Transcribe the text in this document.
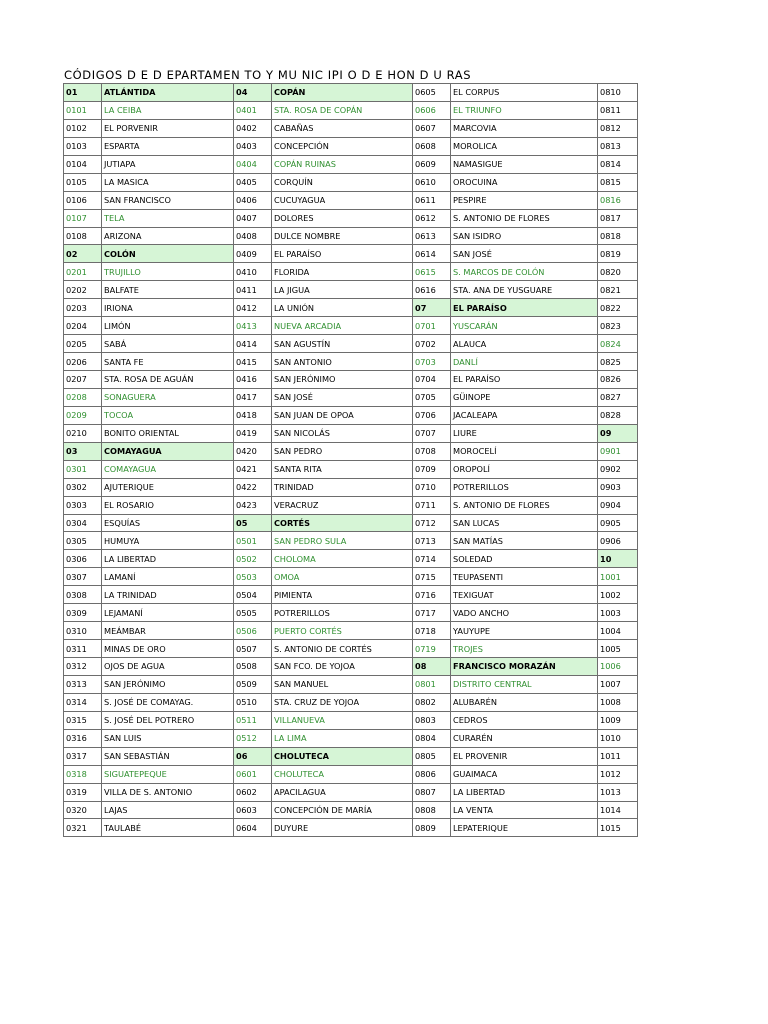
CÓDIGOS D E D EPARTAMEN TO Y MU NIC IPI O D E HON D U RAS
01	ATLÁNTIDA	04	COPÁN	0605	EL CORPUS	0810
0101	LA CEIBA	0401	STA. ROSA DE COPÁN	0606	EL TRIUNFO	0811
0102	EL PORVENIR	0402	CABAÑAS	0607	MARCOVIA	0812
0103	ESPARTA	0403	CONCEPCIÓN	0608	MOROLICA	0813
0104	JUTIAPA	0404	COPÁN RUINAS	0609	NAMASIGUE	0814
0105	LA MASICA	0405	CORQUÍN	0610	OROCUINA	0815
0106	SAN FRANCISCO	0406	CUCUYAGUA	0611	PESPIRE	0816
0107	TELA	0407	DOLORES	0612	S. ANTONIO DE FLORES	0817
0108	ARIZONA	0408	DULCE NOMBRE	0613	SAN ISIDRO	0818
02	COLÓN	0409	EL PARAÍSO	0614	SAN JOSÉ	0819
0201	TRUJILLO	0410	FLORIDA	0615	S. MARCOS DE COLÓN	0820
0202	BALFATE	0411	LA JIGUA	0616	STA. ANA DE YUSGUARE	0821
0203	IRIONA	0412	LA UNIÓN	07	EL PARAÍSO	0822
0204	LIMÓN	0413	NUEVA ARCADIA	0701	YUSCARÁN	0823
0205	SABÁ	0414	SAN AGUSTÍN	0702	ALAUCA	0824
0206	SANTA FE	0415	SAN ANTONIO	0703	DANLÍ	0825
0207	STA. ROSA DE AGUÁN	0416	SAN JERÓNIMO	0704	EL PARAÍSO	0826
0208	SONAGUERA	0417	SAN JOSÉ	0705	GÜINOPE	0827
0209	TOCOA	0418	SAN JUAN DE OPOA	0706	JACALEAPA	0828
0210	BONITO ORIENTAL	0419	SAN NICOLÁS	0707	LIURE	09
03	COMAYAGUA	0420	SAN PEDRO	0708	MOROCELÍ	0901
0301	COMAYAGUA	0421	SANTA RITA	0709	OROPOLÍ	0902
0302	AJUTERIQUE	0422	TRINIDAD	0710	POTRERILLOS	0903
0303	EL ROSARIO	0423	VERACRUZ	0711	S. ANTONIO DE FLORES	0904
0304	ESQUÍAS	05	CORTÉS	0712	SAN LUCAS	0905
0305	HUMUYA	0501	SAN PEDRO SULA	0713	SAN MATÍAS	0906
0306	LA LIBERTAD	0502	CHOLOMA	0714	SOLEDAD	10
0307	LAMANÍ	0503	OMOA	0715	TEUPASENTI	1001
0308	LA TRINIDAD	0504	PIMIENTA	0716	TEXIGUAT	1002
0309	LEJAMANÍ	0505	POTRERILLOS	0717	VADO ANCHO	1003
0310	MEÁMBAR	0506	PUERTO CORTÉS	0718	YAUYUPE	1004
0311	MINAS DE ORO	0507	S. ANTONIO DE CORTÉS	0719	TROJES	1005
0312	OJOS DE AGUA	0508	SAN FCO. DE YOJOA	08	FRANCISCO MORAZÁN	1006
0313	SAN JERÓNIMO	0509	SAN MANUEL	0801	DISTRITO CENTRAL	1007
0314	S. JOSÉ DE COMAYAG.	0510	STA. CRUZ DE YOJOA	0802	ALUBARÉN	1008
0315	S. JOSÉ DEL POTRERO	0511	VILLANUEVA	0803	CEDROS	1009
0316	SAN LUIS	0512	LA LIMA	0804	CURARÉN	1010
0317	SAN SEBASTIÁN	06	CHOLUTECA	0805	EL PROVENIR	1011
0318	SIGUATEPEQUE	0601	CHOLUTECA	0806	GUAIMACA	1012
0319	VILLA DE S. ANTONIO	0602	APACILAGUA	0807	LA LIBERTAD	1013
0320	LAJAS	0603	CONCEPCIÓN DE MARÍA	0808	LA VENTA	1014
0321	TAULABÉ	0604	DUYURE	0809	LEPATERIQUE	1015
